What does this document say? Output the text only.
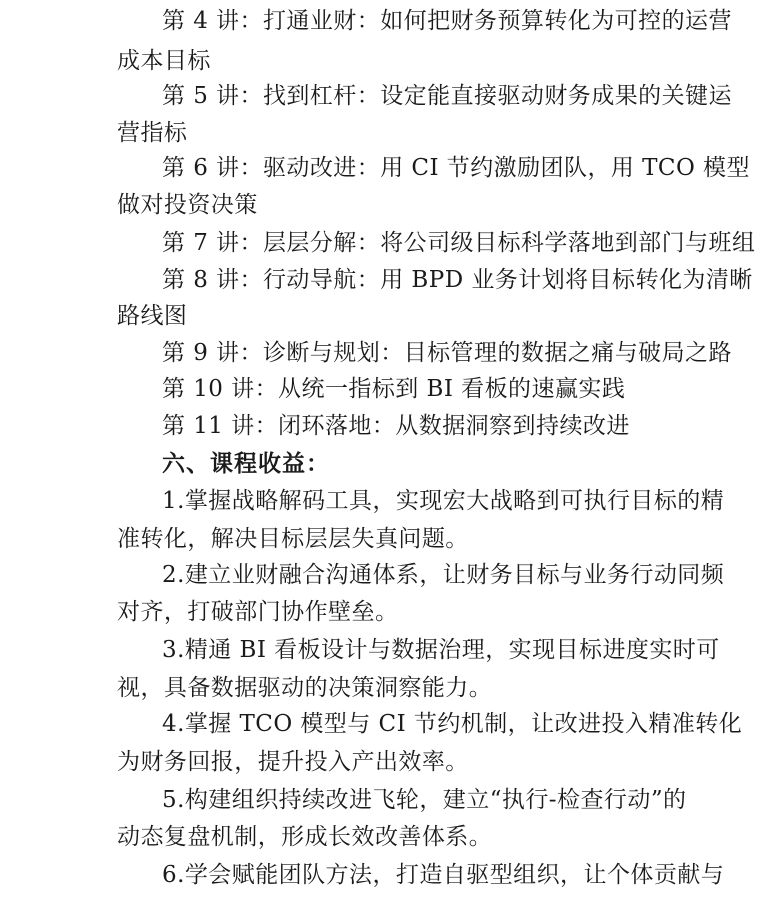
第 4 讲：打通业财：如何把财务预算转化为可控的运营
成本目标
第 5 讲：找到杠杆：设定能直接驱动财务成果的关键运
营指标
第 6 讲：驱动改进：用 CI 节约激励团队，用 TCO 模型
做对投资决策
第 7 讲：层层分解：将公司级目标科学落地到部门与班组
第 8 讲：行动导航：用 BPD 业务计划将目标转化为清晰
路线图
第 9 讲：诊断与规划：目标管理的数据之痛与破局之路
第 10 讲：从统一指标到 BI 看板的速赢实践
第 11 讲：闭环落地：从数据洞察到持续改进
六、课程收益：
1.掌握战略解码工具，实现宏大战略到可执行目标的精
准转化，解决目标层层失真问题。
2.建立业财融合沟通体系，让财务目标与业务行动同频
对齐，打破部门协作壁垒。
3.精通 BI 看板设计与数据治理，实现目标进度实时可
视，具备数据驱动的决策洞察能力。
4.掌握 TCO 模型与 CI 节约机制，让改进投入精准转化
为财务回报，提升投入产出效率。
5.构建组织持续改进飞轮，建立“执行-检查行动”的
动态复盘机制，形成长效改善体系。
6.学会赋能团队方法，打造自驱型组织，让个体贡献与
